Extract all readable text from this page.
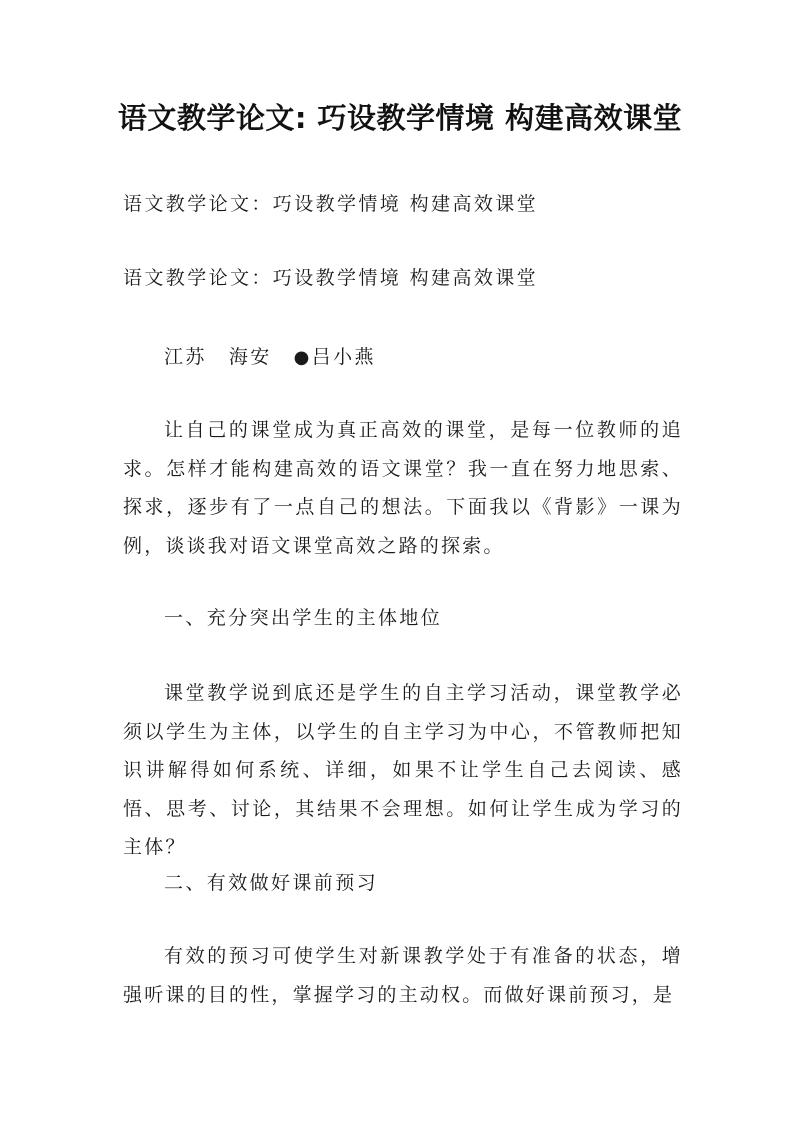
语文教学论文: 巧设教学情境 构建高效课堂
语文教学论文：巧设教学情境 构建高效课堂
语文教学论文：巧设教学情境 构建高效课堂
江苏 海安 ●吕小燕
让自己的课堂成为真正高效的课堂，是每一位教师的追求。怎样才能构建高效的语文课堂？我一直在努力地思索、探求，逐步有了一点自己的想法。下面我以《背影》一课为例，谈谈我对语文课堂高效之路的探索。
一、充分突出学生的主体地位
课堂教学说到底还是学生的自主学习活动，课堂教学必须以学生为主体，以学生的自主学习为中心，不管教师把知识讲解得如何系统、详细，如果不让学生自己去阅读、感悟、思考、讨论，其结果不会理想。如何让学生成为学习的主体？
二、有效做好课前预习
有效的预习可使学生对新课教学处于有准备的状态，增强听课的目的性，掌握学习的主动权。而做好课前预习，是
